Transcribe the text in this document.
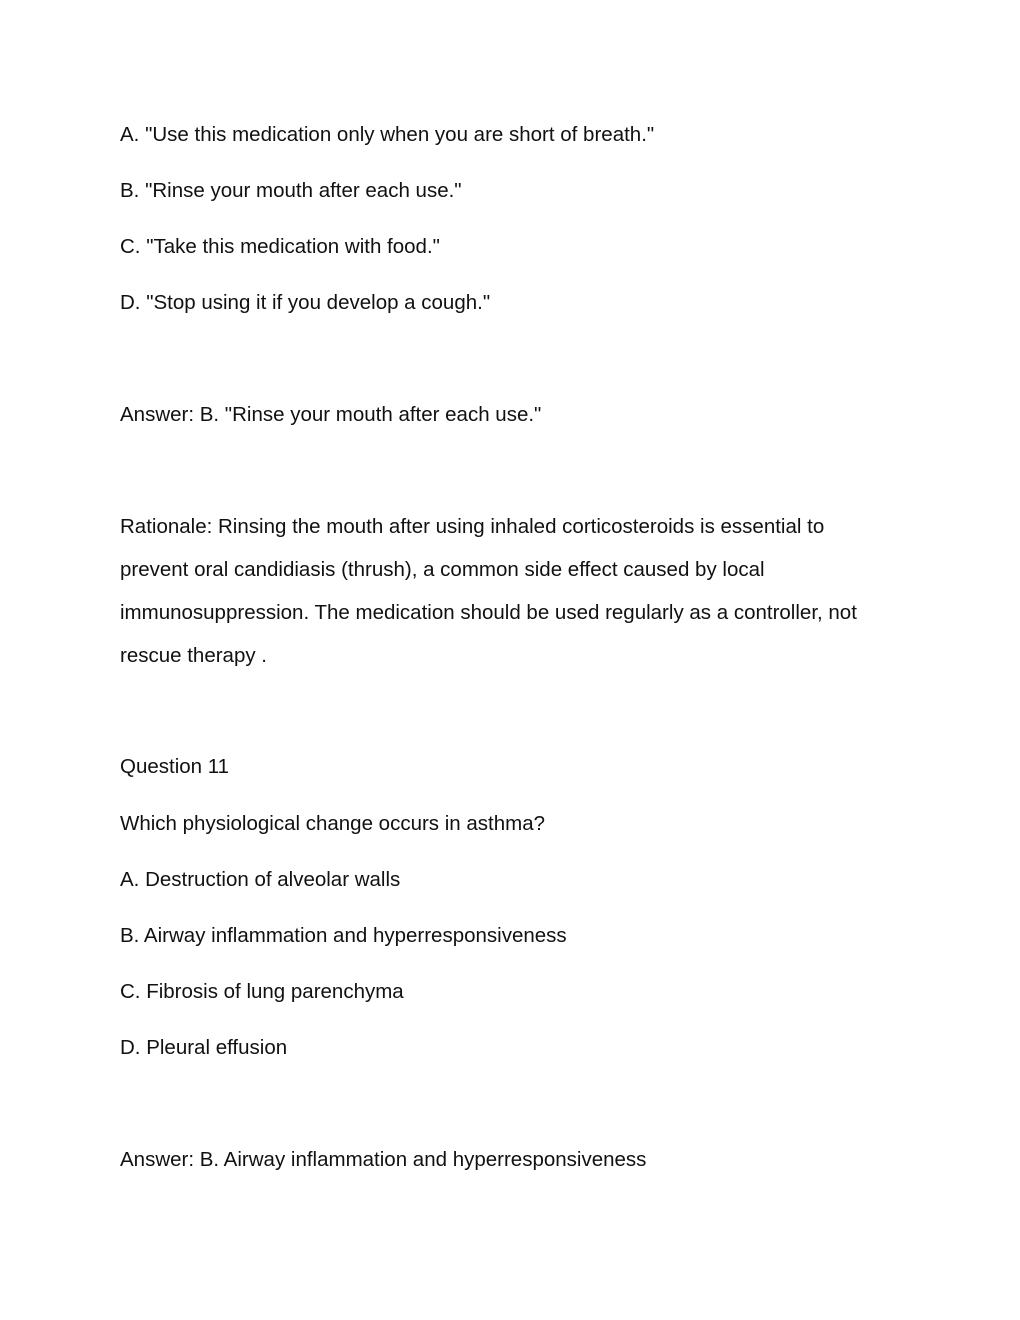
A. "Use this medication only when you are short of breath."
B. "Rinse your mouth after each use."
C. "Take this medication with food."
D. "Stop using it if you develop a cough."
Answer: B. "Rinse your mouth after each use."
Rationale: Rinsing the mouth after using inhaled corticosteroids is essential to
prevent oral candidiasis (thrush), a common side effect caused by local
immunosuppression. The medication should be used regularly as a controller, not
rescue therapy .
Question 11
Which physiological change occurs in asthma?
A. Destruction of alveolar walls
B. Airway inflammation and hyperresponsiveness
C. Fibrosis of lung parenchyma
D. Pleural effusion
Answer: B. Airway inflammation and hyperresponsiveness
